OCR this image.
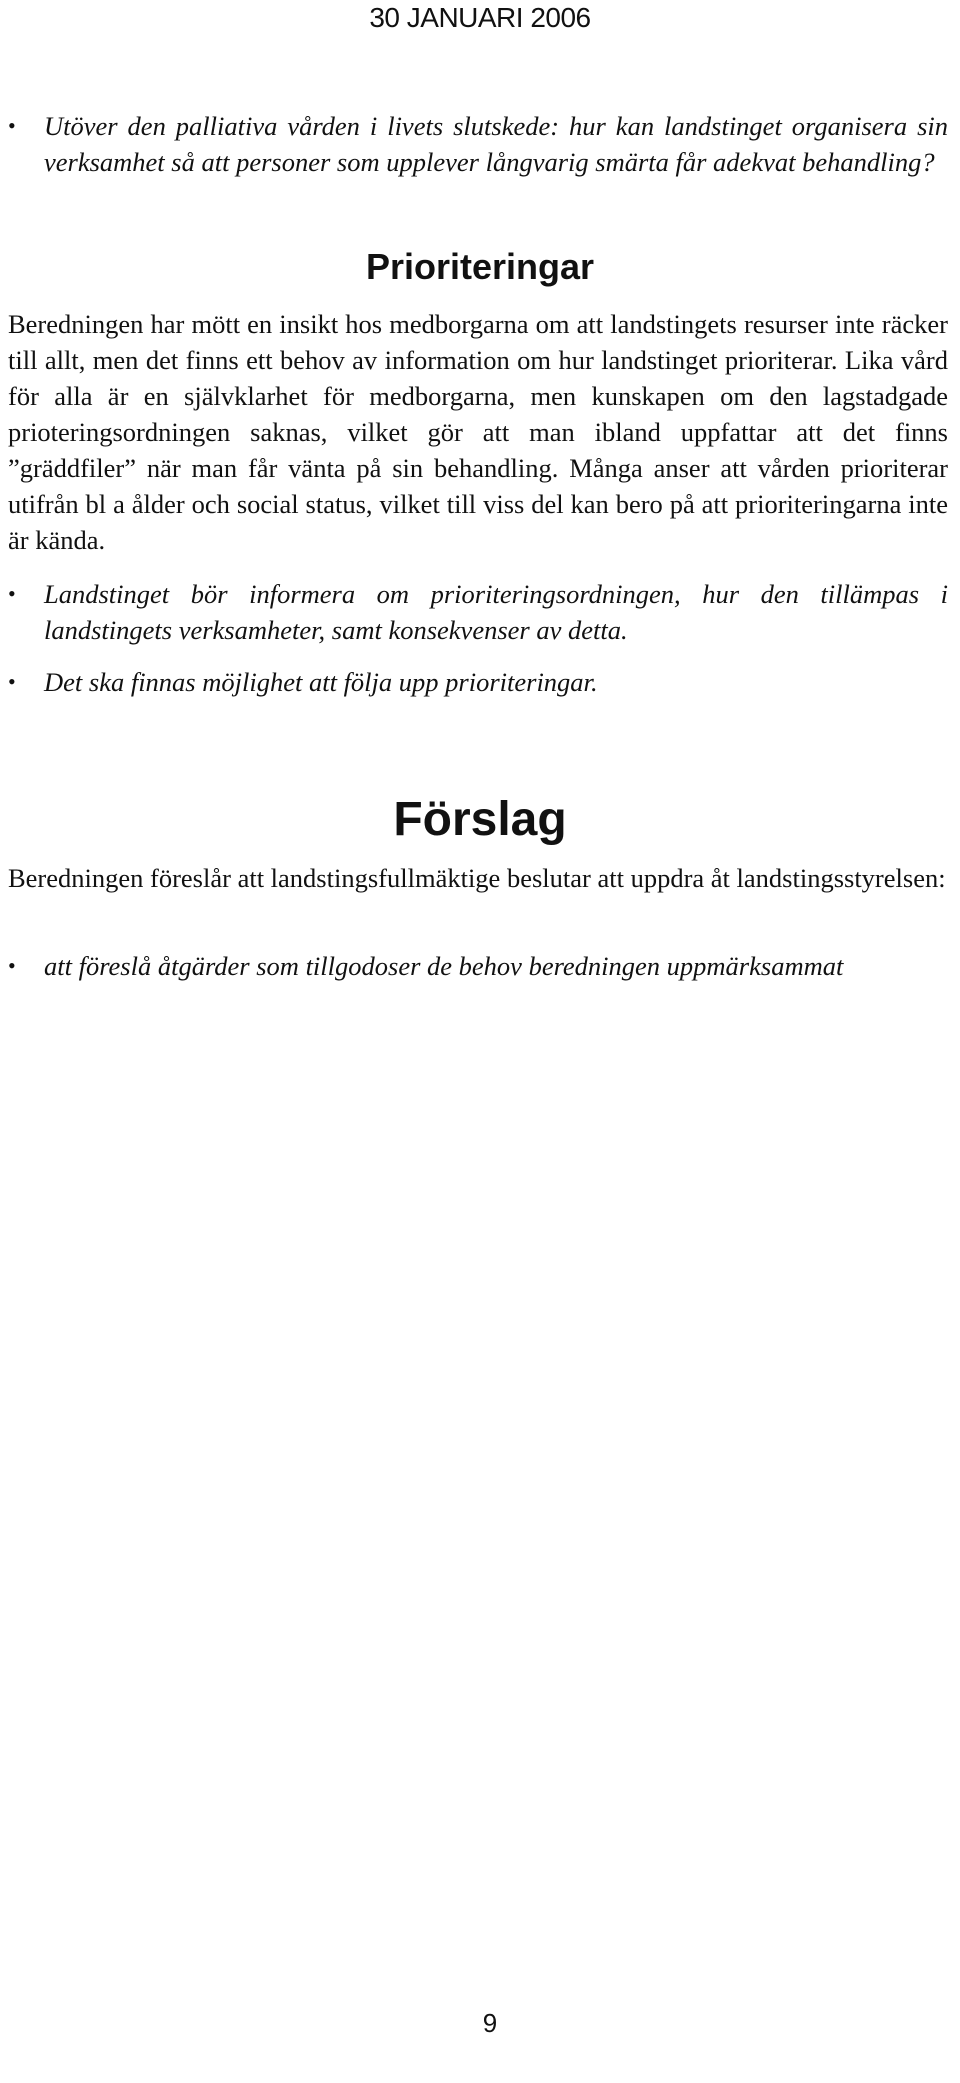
30 JANUARI 2006
• Utöver den palliativa vården i livets slutskede: hur kan landstinget organisera sin verksamhet så att personer som upplever långvarig smärta får adekvat behandling?
Prioriteringar
Beredningen har mött en insikt hos medborgarna om att landstingets resurser inte räcker till allt, men det finns ett behov av information om hur landstinget prioriterar. Lika vård för alla är en självklarhet för medborgarna, men kunskapen om den lagstadgade prioteringsordningen saknas, vilket gör att man ibland uppfattar att det finns ”gräddfiler” när man får vänta på sin behandling. Många anser att vården prioriterar utifrån bl a ålder och social status, vilket till viss del kan bero på att prioriteringarna inte är kända.
• Landstinget bör informera om prioriteringsordningen, hur den tillämpas i landstingets verksamheter, samt konsekvenser av detta.
• Det ska finnas möjlighet att följa upp prioriteringar.
Förslag
Beredningen föreslår att landstingsfullmäktige beslutar att uppdra åt landstingsstyrelsen:
• att föreslå åtgärder som tillgodoser de behov beredningen uppmärksammat
9
